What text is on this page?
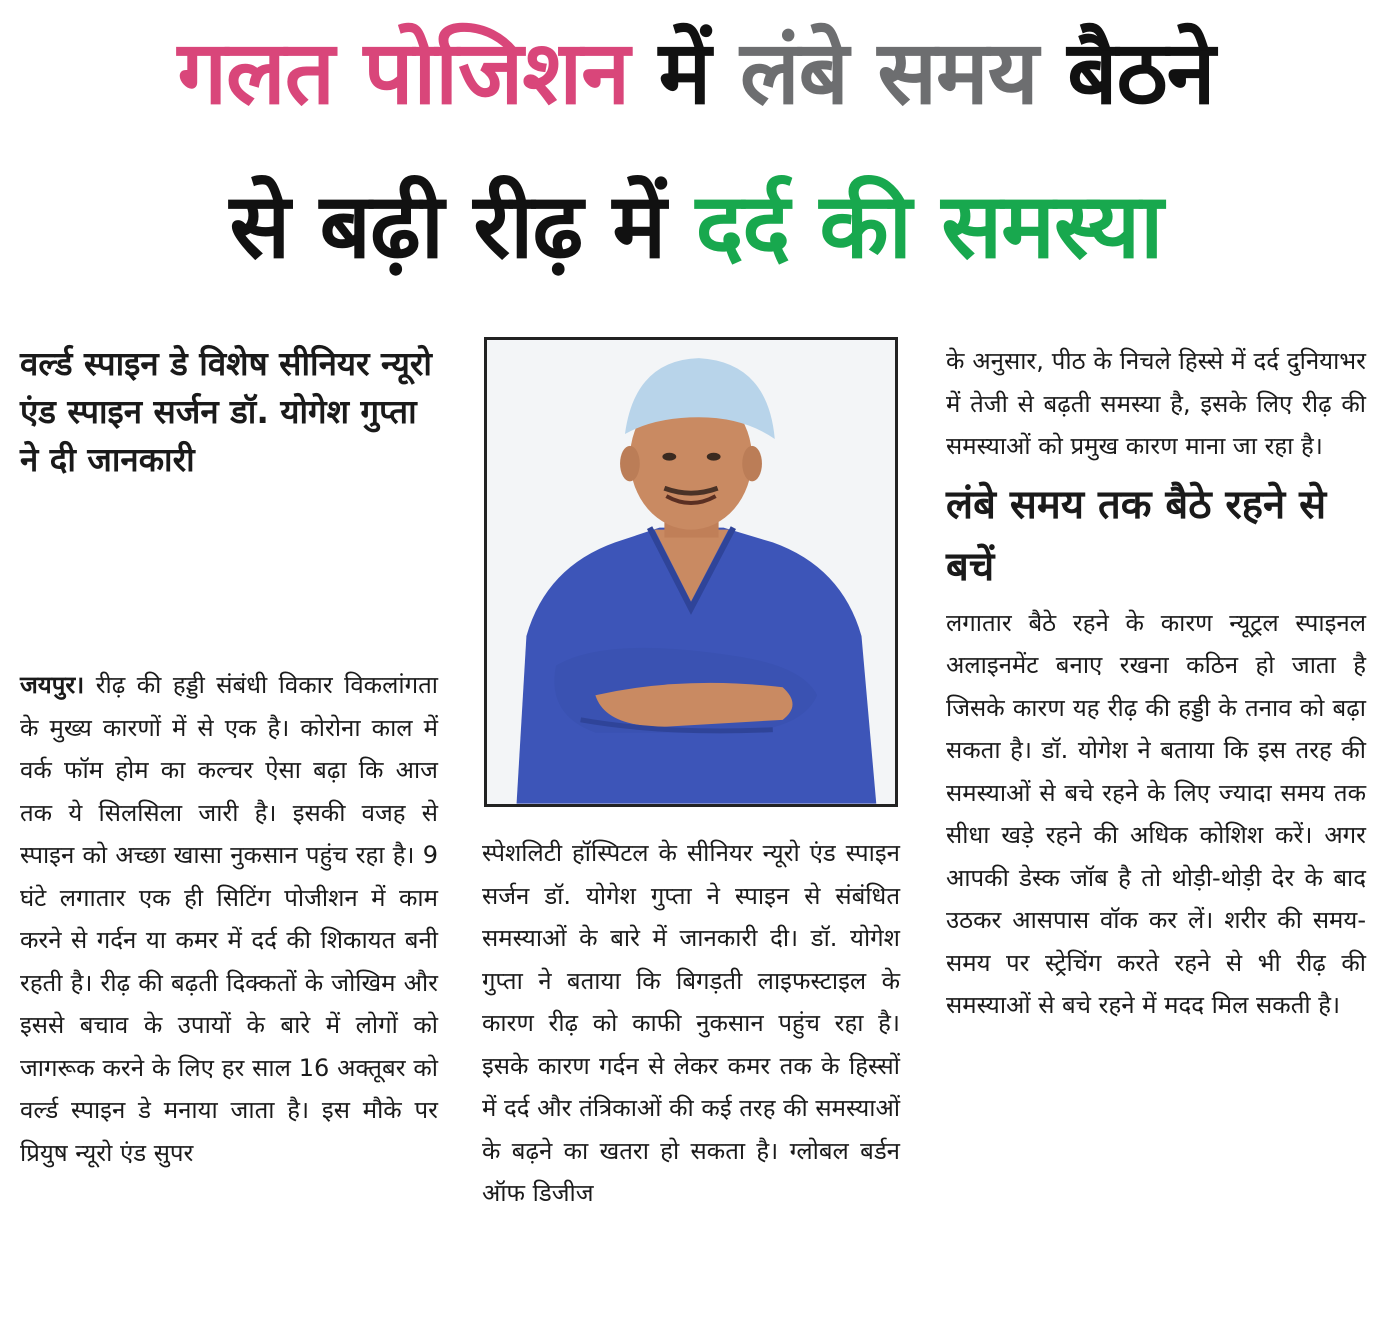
गलत पोजिशन में लंबे समय बैठने
से बढ़ी रीढ़ में दर्द की समस्या

वर्ल्ड स्पाइन डे विशेष सीनियर न्यूरो एंड स्पाइन सर्जन डॉ. योगेश गुप्ता ने दी जानकारी

जयपुर। रीढ़ की हड्डी संबंधी विकार विकलांगता के मुख्य कारणों में से एक है। कोरोना काल में वर्क फॉम होम का कल्चर ऐसा बढ़ा कि आज तक ये सिलसिला जारी है। इसकी वजह से स्पाइन को अच्छा खासा नुकसान पहुंच रहा है। 9 घंटे लगातार एक ही सिटिंग पोजीशन में काम करने से गर्दन या कमर में दर्द की शिकायत बनी रहती है। रीढ़ की बढ़ती दिक्कतों के जोखिम और इससे बचाव के उपायों के बारे में लोगों को जागरूक करने के लिए हर साल 16 अक्तूबर को वर्ल्ड स्पाइन डे मनाया जाता है। इस मौके पर प्रियुष न्यूरो एंड सुपर

स्पेशलिटी हॉस्पिटल के सीनियर न्यूरो एंड स्पाइन सर्जन डॉ. योगेश गुप्ता ने स्पाइन से संबंधित समस्याओं के बारे में जानकारी दी। डॉ. योगेश गुप्ता ने बताया कि बिगड़ती लाइफस्टाइल के कारण रीढ़ को काफी नुकसान पहुंच रहा है। इसके कारण गर्दन से लेकर कमर तक के हिस्सों में दर्द और तंत्रिकाओं की कई तरह की समस्याओं के बढ़ने का खतरा हो सकता है। ग्लोबल बर्डन ऑफ डिजीज

के अनुसार, पीठ के निचले हिस्से में दर्द दुनियाभर में तेजी से बढ़ती समस्या है, इसके लिए रीढ़ की समस्याओं को प्रमुख कारण माना जा रहा है।

लंबे समय तक बैठे रहने से बचें

लगातार बैठे रहने के कारण न्यूट्रल स्पाइनल अलाइनमेंट बनाए रखना कठिन हो जाता है जिसके कारण यह रीढ़ की हड्डी के तनाव को बढ़ा सकता है। डॉ. योगेश ने बताया कि इस तरह की समस्याओं से बचे रहने के लिए ज्यादा समय तक सीधा खड़े रहने की अधिक कोशिश करें। अगर आपकी डेस्क जॉब है तो थोड़ी-थोड़ी देर के बाद उठकर आसपास वॉक कर लें। शरीर की समय-समय पर स्ट्रेचिंग करते रहने से भी रीढ़ की समस्याओं से बचे रहने में मदद मिल सकती है।
